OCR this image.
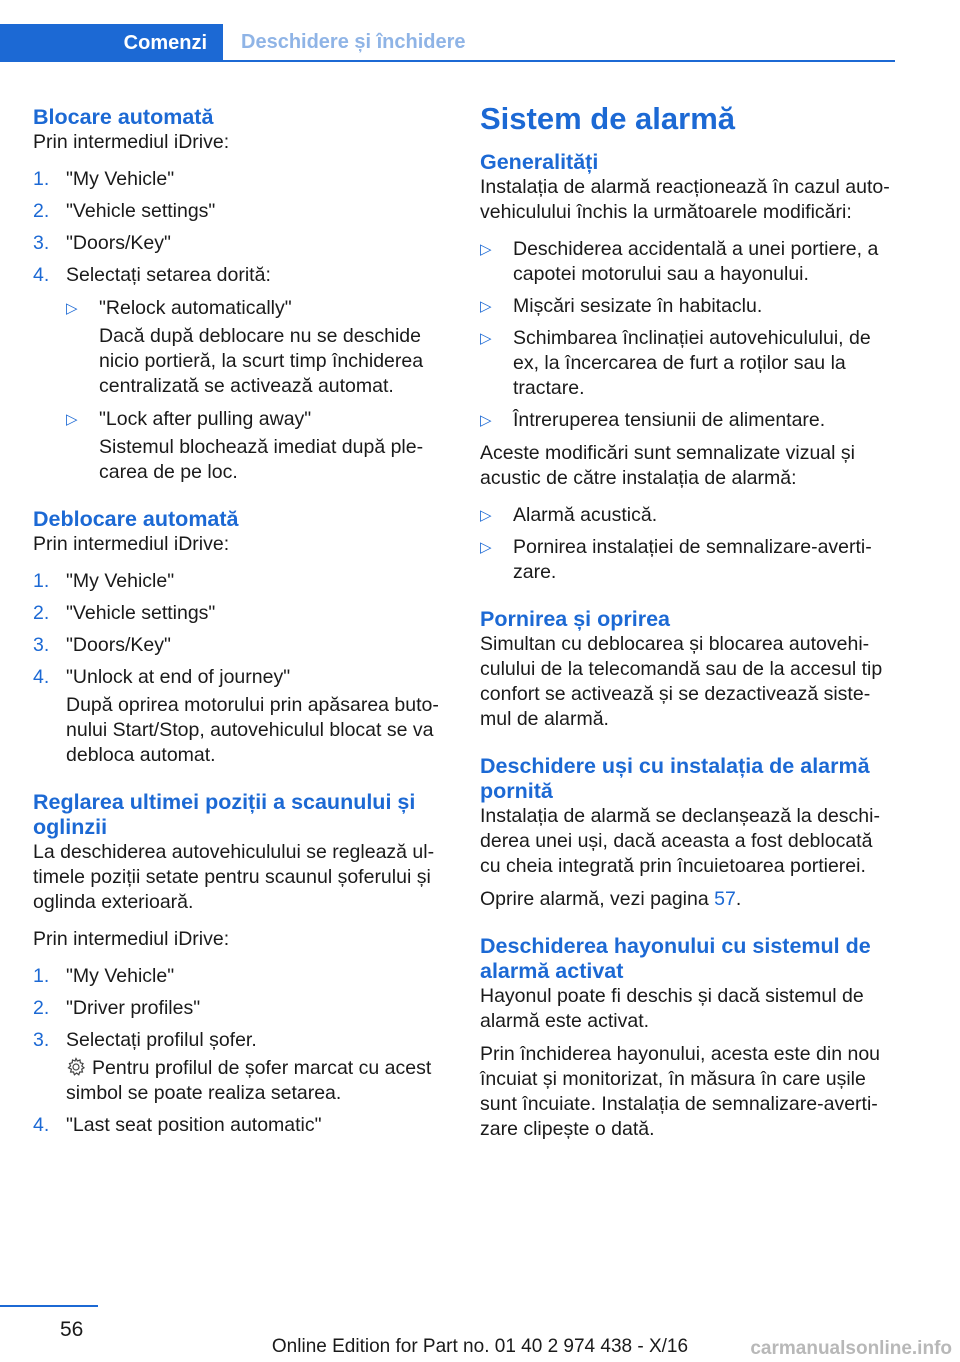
Comenzi Deschidere și închidere
Blocare automată

Prin intermediul iDrive:

1. "My Vehicle"
2. "Vehicle settings"
3. "Doors/Key"
4. Selectați setarea dorită:
▷ "Relock automatically"
Dacă după deblocare nu se deschide nicio portieră, la scurt timp închiderea centralizată se activează automat.
▷ "Lock after pulling away"
Sistemul blochează imediat după plecarea de pe loc.
Deblocare automată

Prin intermediul iDrive:

1. "My Vehicle"
2. "Vehicle settings"
3. "Doors/Key"
4. "Unlock at end of journey"
După oprirea motorului prin apăsarea butonului Start/Stop, autovehiculul blocat se va debloca automat.
Reglarea ultimei poziții a scaunului și oglinzii

La deschiderea autovehiculului se reglează ultimele poziții setate pentru scaunul șoferului și oglinda exterioară.

Prin intermediul iDrive:

1. "My Vehicle"
2. "Driver profiles"
3. Selectați profilul șofer.
Pentru profilul de șofer marcat cu acest simbol se poate realiza setarea.
4. "Last seat position automatic"
Sistem de alarmă
Generalități

Instalația de alarmă reacționează în cazul autovehiculului închis la următoarele modificări:

▷ Deschiderea accidentală a unei portiere, a capotei motorului sau a hayonului.
▷ Mișcări sesizate în habitaclu.
▷ Schimbarea înclinației autovehiculului, de ex, la încercarea de furt a roților sau la tractare.
▷ Întreruperea tensiunii de alimentare.

Aceste modificări sunt semnalizate vizual și acustic de către instalația de alarmă:

▷ Alarmă acustică.
▷ Pornirea instalației de semnalizare-avertizare.
Pornirea și oprirea

Simultan cu deblocarea și blocarea autovehiculului de la telecomandă sau de la accesul tip confort se activează și se dezactivează sistemul de alarmă.

Deschidere uși cu instalația de alarmă pornită

Instalația de alarmă se declanșează la deschiderea unei uși, dacă aceasta a fost deblocată cu cheia integrată prin încuietoarea portierei.

Oprire alarmă, vezi pagina 57.

Deschiderea hayonului cu sistemul de alarmă activat

Hayonul poate fi deschis și dacă sistemul de alarmă este activat.

Prin închiderea hayonului, acesta este din nou încuiat și monitorizat, în măsura în care ușile sunt încuiate. Instalația de semnalizare-avertizare clipește o dată.

56
Online Edition for Part no. 01 40 2 974 438 - X/16	carmanualsonline.info
